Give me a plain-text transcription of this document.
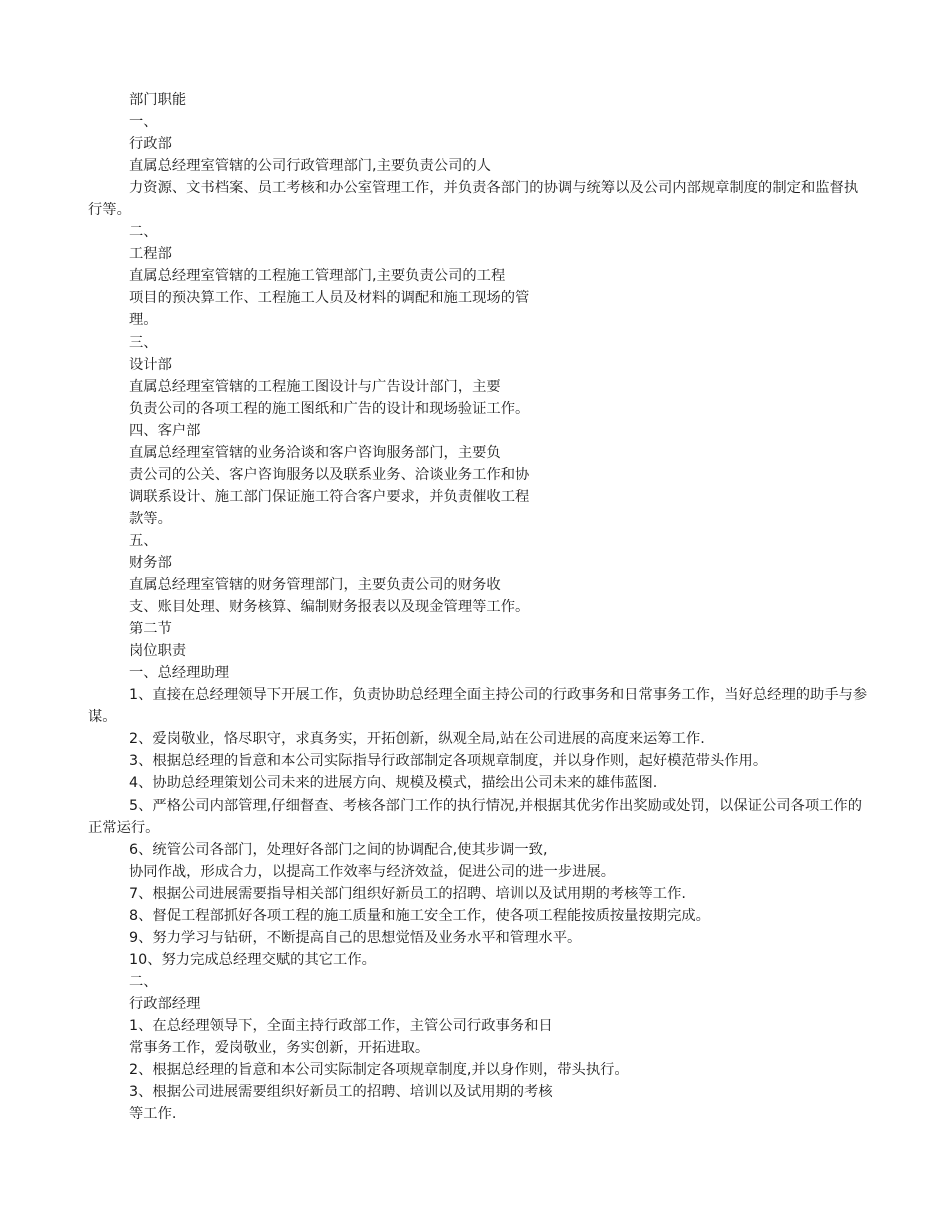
部门职能
一、
行政部
直属总经理室管辖的公司行政管理部门,主要负责公司的人
力资源、文书档案、员工考核和办公室管理工作，并负责各部门的协调与统筹以及公司内部规章制度的制定和监督执行等。
二、
工程部
直属总经理室管辖的工程施工管理部门,主要负责公司的工程
项目的预决算工作、工程施工人员及材料的调配和施工现场的管
理。
三、
设计部
直属总经理室管辖的工程施工图设计与广告设计部门，主要
负责公司的各项工程的施工图纸和广告的设计和现场验证工作。
四、客户部
直属总经理室管辖的业务洽谈和客户咨询服务部门，主要负
责公司的公关、客户咨询服务以及联系业务、洽谈业务工作和协
调联系设计、施工部门保证施工符合客户要求，并负责催收工程
款等。
五、
财务部
直属总经理室管辖的财务管理部门，主要负责公司的财务收
支、账目处理、财务核算、编制财务报表以及现金管理等工作。
第二节
岗位职责
一、总经理助理
1、直接在总经理领导下开展工作，负责协助总经理全面主持公司的行政事务和日常事务工作，当好总经理的助手与参谋。
2、爱岗敬业，恪尽职守，求真务实，开拓创新，纵观全局,站在公司进展的高度来运筹工作.
3、根据总经理的旨意和本公司实际指导行政部制定各项规章制度，并以身作则，起好模范带头作用。
4、协助总经理策划公司未来的进展方向、规模及模式，描绘出公司未来的雄伟蓝图.
5、严格公司内部管理,仔细督查、考核各部门工作的执行情况,并根据其优劣作出奖励或处罚，以保证公司各项工作的正常运行。
6、统管公司各部门，处理好各部门之间的协调配合,使其步调一致,
协同作战，形成合力，以提高工作效率与经济效益，促进公司的进一步进展。
7、根据公司进展需要指导相关部门组织好新员工的招聘、培训以及试用期的考核等工作.
8、督促工程部抓好各项工程的施工质量和施工安全工作，使各项工程能按质按量按期完成。
9、努力学习与钻研，不断提高自己的思想觉悟及业务水平和管理水平。
10、努力完成总经理交赋的其它工作。
二、
行政部经理
1、在总经理领导下，全面主持行政部工作，主管公司行政事务和日
常事务工作，爱岗敬业，务实创新，开拓进取。
2、根据总经理的旨意和本公司实际制定各项规章制度,并以身作则，带头执行。
3、根据公司进展需要组织好新员工的招聘、培训以及试用期的考核
等工作.
